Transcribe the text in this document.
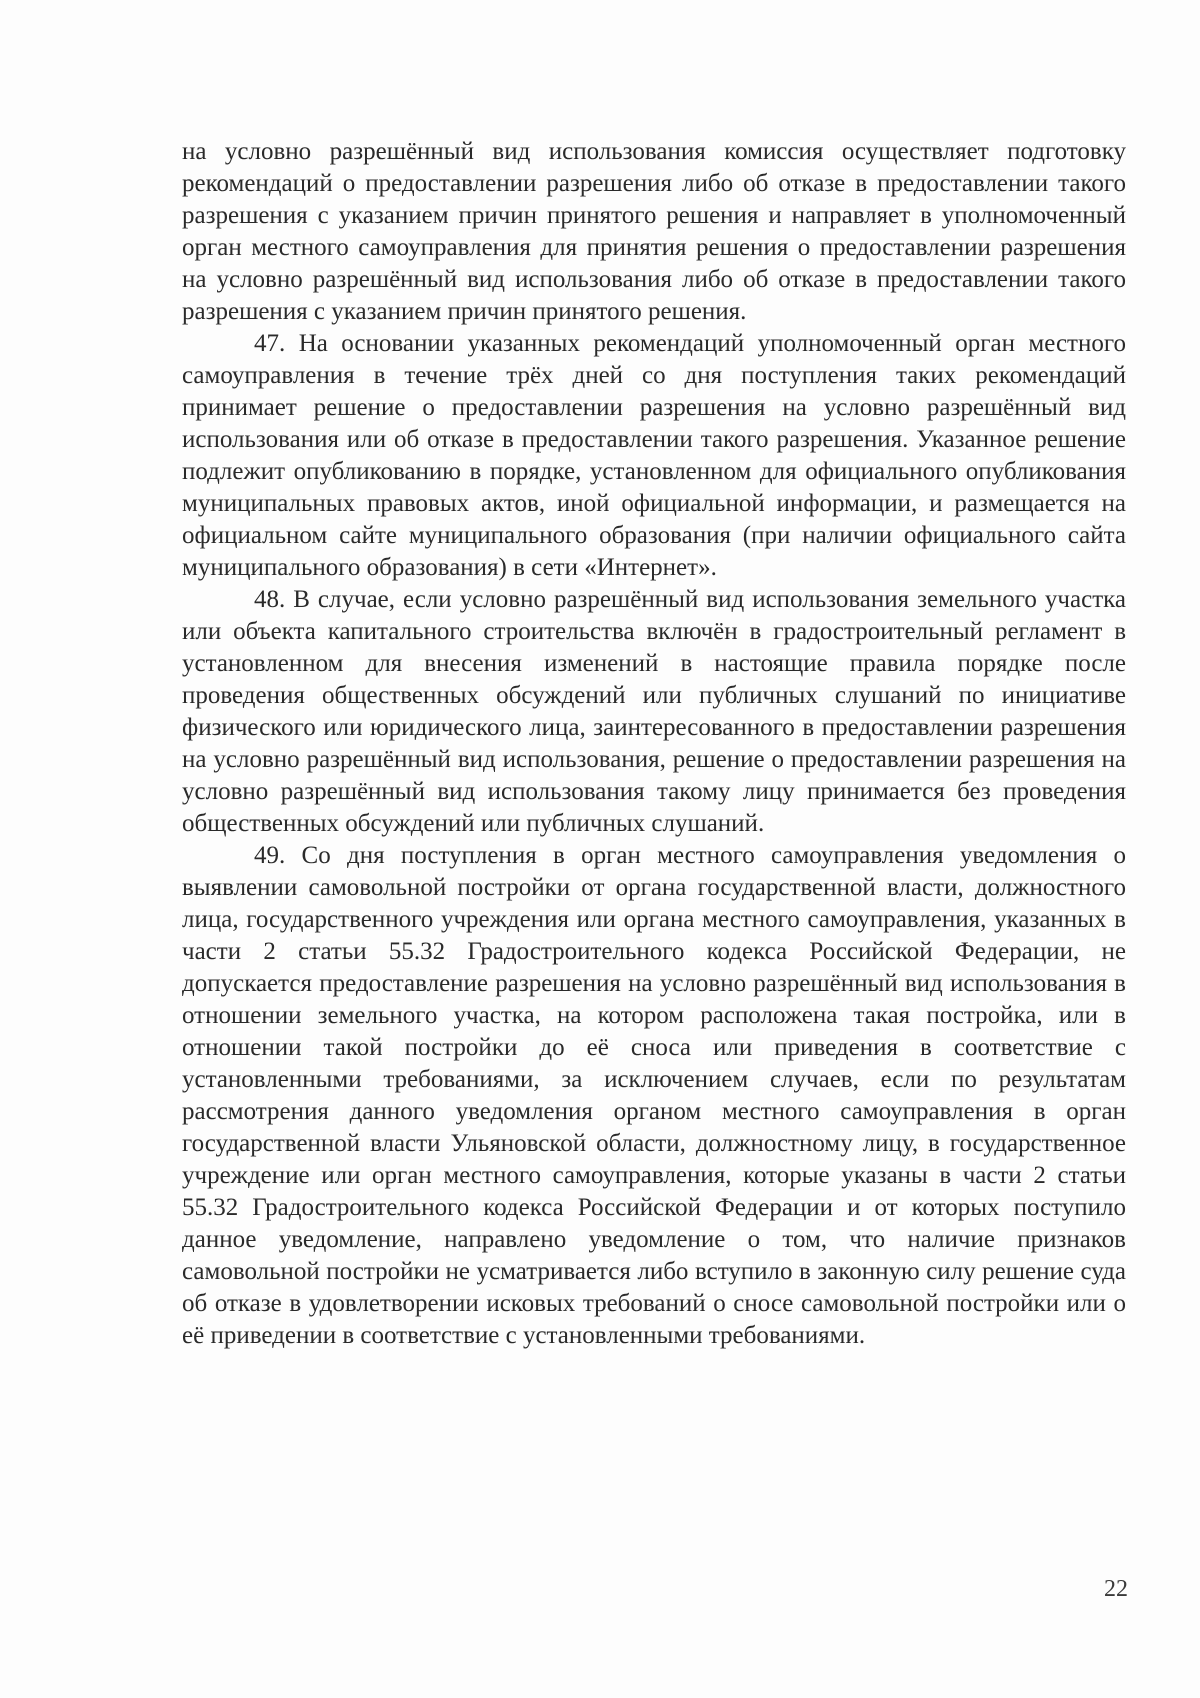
на условно разрешённый вид использования комиссия осуществляет подготовку рекомендаций о предоставлении разрешения либо об отказе в предоставлении такого разрешения с указанием причин принятого решения и направляет в уполномоченный орган местного самоуправления для принятия решения о предоставлении разрешения на условно разрешённый вид использования либо об отказе в предоставлении такого разрешения с указанием причин принятого решения.

47. На основании указанных рекомендаций уполномоченный орган местного самоуправления в течение трёх дней со дня поступления таких рекомендаций принимает решение о предоставлении разрешения на условно разрешённый вид использования или об отказе в предоставлении такого разрешения. Указанное решение подлежит опубликованию в порядке, установленном для официального опубликования муниципальных правовых актов, иной официальной информации, и размещается на официальном сайте муниципального образования (при наличии официального сайта муниципального образования) в сети «Интернет».

48. В случае, если условно разрешённый вид использования земельного участка или объекта капитального строительства включён в градостроительный регламент в установленном для внесения изменений в настоящие правила порядке после проведения общественных обсуждений или публичных слушаний по инициативе физического или юридического лица, заинтересованного в предоставлении разрешения на условно разрешённый вид использования, решение о предоставлении разрешения на условно разрешённый вид использования такому лицу принимается без проведения общественных обсуждений или публичных слушаний.

49. Со дня поступления в орган местного самоуправления уведомления о выявлении самовольной постройки от органа государственной власти, должностного лица, государственного учреждения или органа местного самоуправления, указанных в части 2 статьи 55.32 Градостроительного кодекса Российской Федерации, не допускается предоставление разрешения на условно разрешённый вид использования в отношении земельного участка, на котором расположена такая постройка, или в отношении такой постройки до её сноса или приведения в соответствие с установленными требованиями, за исключением случаев, если по результатам рассмотрения данного уведомления органом местного самоуправления в орган государственной власти Ульяновской области, должностному лицу, в государственное учреждение или орган местного самоуправления, которые указаны в части 2 статьи 55.32 Градостроительного кодекса Российской Федерации и от которых поступило данное уведомление, направлено уведомление о том, что наличие признаков самовольной постройки не усматривается либо вступило в законную силу решение суда об отказе в удовлетворении исковых требований о сносе самовольной постройки или о её приведении в соответствие с установленными требованиями.

22
